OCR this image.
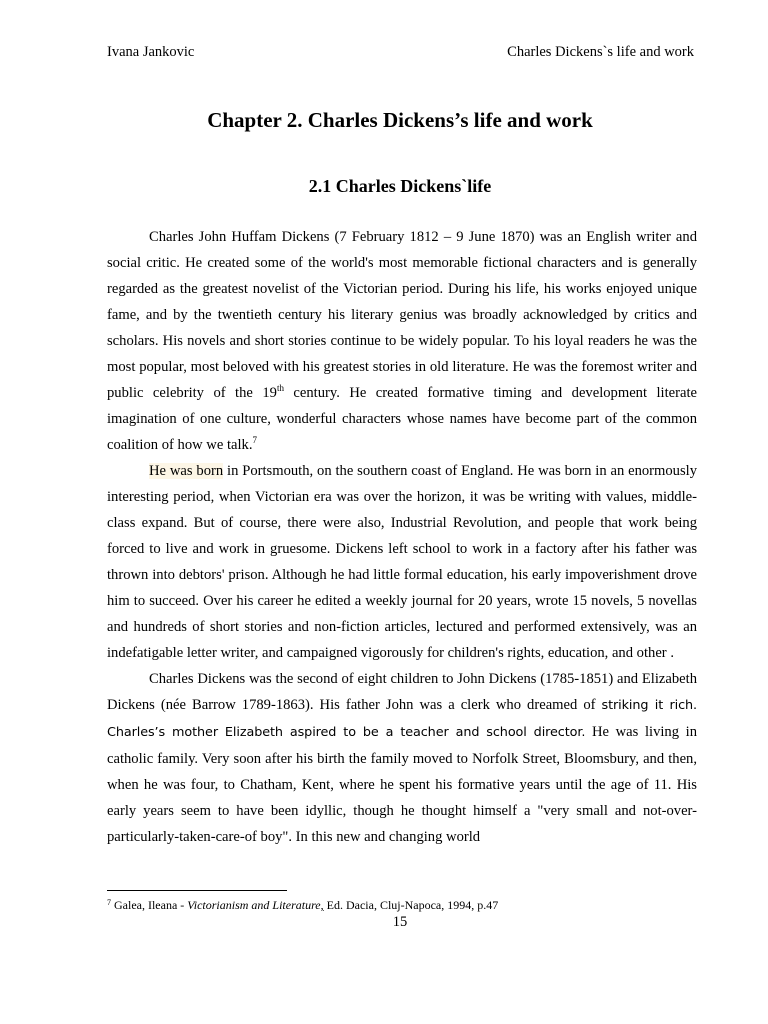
Ivana Jankovic	Charles Dickens`s life and work
Chapter 2. Charles Dickens’s life and work
2.1 Charles Dickens`life

Charles John Huffam Dickens (7 February 1812 – 9 June 1870) was an English writer and social critic. He created some of the world's most memorable fictional characters and is generally regarded as the greatest novelist of the Victorian period. During his life, his works enjoyed unique fame, and by the twentieth century his literary genius was broadly acknowledged by critics and scholars. His novels and short stories continue to be widely popular. To his loyal readers he was the most popular, most beloved with his greatest stories in old literature. He was the foremost writer and public celebrity of the 19th century. He created formative timing and development literate imagination of one culture, wonderful characters whose names have become part of the common coalition of how we talk.$^7$

He was born in Portsmouth, on the southern coast of England. He was born in an enormously interesting period, when Victorian era was over the horizon, it was be writing with values, middle-class expand. But of course, there were also, Industrial Revolution, and people that work being forced to live and work in gruesome. Dickens left school to work in a factory after his father was thrown into debtors' prison. Although he had little formal education, his early impoverishment drove him to succeed. Over his career he edited a weekly journal for 20 years, wrote 15 novels, 5 novellas and hundreds of short stories and non-fiction articles, lectured and performed extensively, was an indefatigable letter writer, and campaigned vigorously for children's rights, education, and other .

Charles Dickens was the second of eight children to John Dickens (1785-1851) and Elizabeth Dickens (née Barrow 1789-1863). His father John was a clerk who dreamed of striking it rich. Charles’s mother Elizabeth aspired to be a teacher and school director. He was living in catholic family. Very soon after his birth the family moved to Norfolk Street, Bloomsbury, and then, when he was four, to Chatham, Kent, where he spent his formative years until the age of 11. His early years seem to have been idyllic, though he thought himself a "very small and not-over-particularly-taken-care-of boy". In this new and changing world

$^7$ Galea, Ileana - Victorianism and Literature, Ed. Dacia, Cluj-Napoca, 1994, p.47
15
